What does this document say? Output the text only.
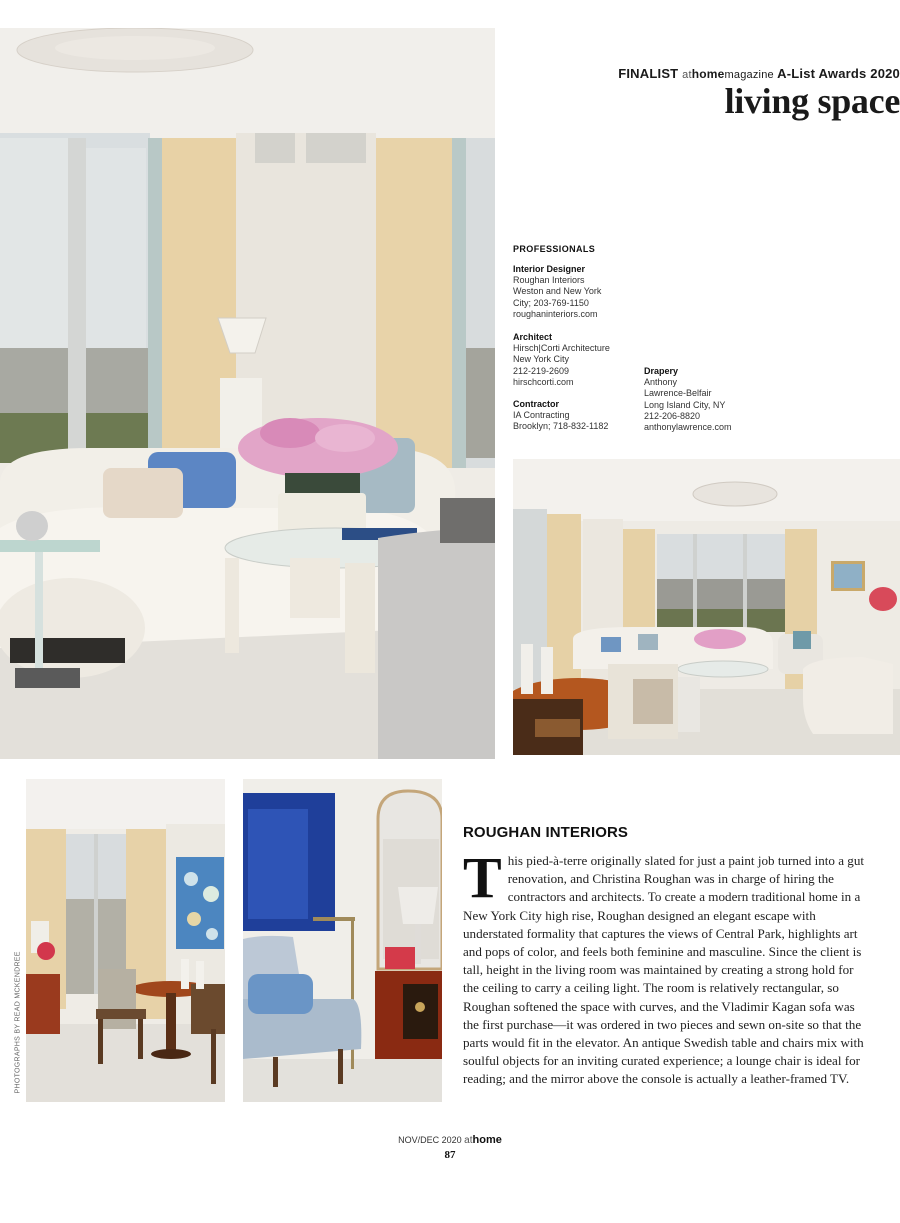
FINALIST athomemagazine A-List Awards 2020
living space
PROFESSIONALS
Interior Designer
Roughan Interiors
Weston and New York
City; 203-769-1150
roughaninteriors.com
Architect
Hirsch|Corti Architecture
New York City
212-219-2609
hirschcorti.com
Contractor
IA Contracting
Brooklyn; 718-832-1182
Drapery
Anthony
Lawrence-Belfair
Long Island City, NY
212-206-8820
anthonylawrence.com
PHOTOGRAPHS BY READ MCKENDREE
ROUGHAN INTERIORS
This pied-à-terre originally slated for just a paint job turned into a gut renovation, and Christina Roughan was in charge of hiring the contractors and architects. To create a modern traditional home in a New York City high rise, Roughan designed an elegant escape with understated formality that captures the views of Central Park, highlights art and pops of color, and feels both feminine and masculine. Since the client is tall, height in the living room was maintained by creating a strong hold for the ceiling to carry a ceiling light. The room is relatively rectangular, so Roughan softened the space with curves, and the Vladimir Kagan sofa was the first purchase—it was ordered in two pieces and sewn on-site so that the parts would fit in the elevator. An antique Swedish table and chairs mix with soulful objects for an inviting curated experience; a lounge chair is ideal for reading; and the mirror above the console is actually a leather-framed TV.
NOV/DEC 2020 athome
87
